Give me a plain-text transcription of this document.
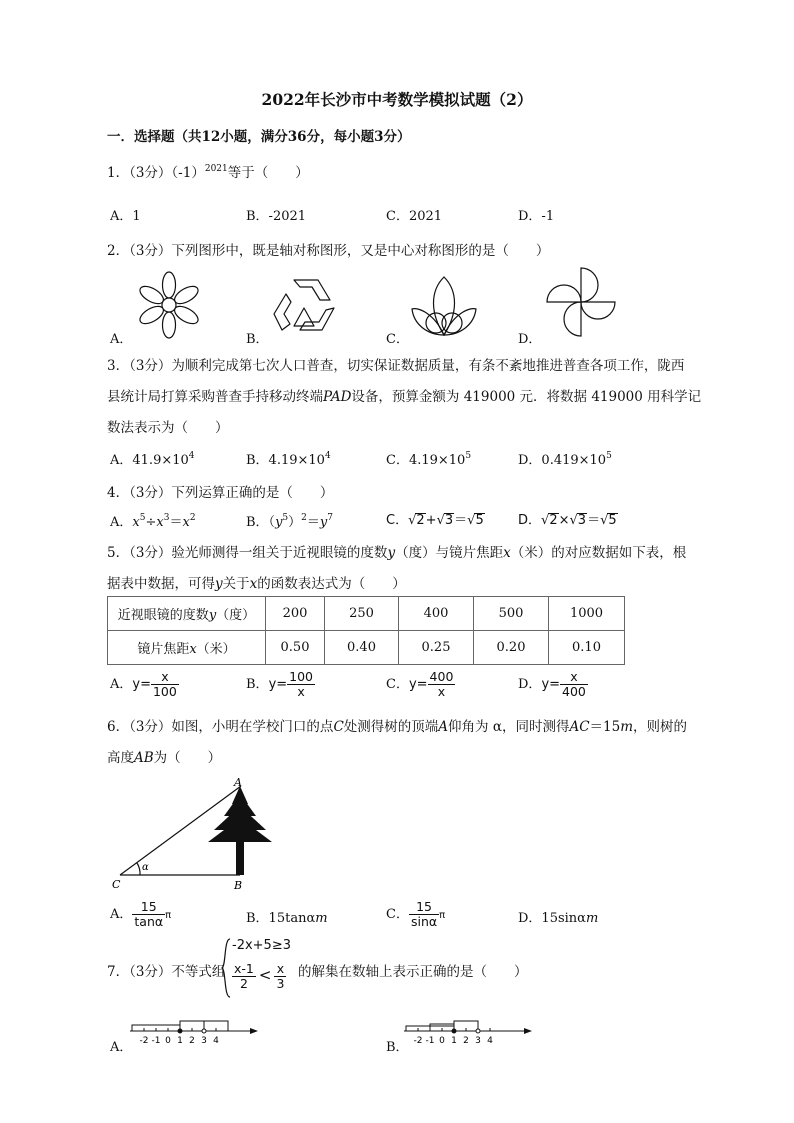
2022年长沙市中考数学模拟试题（2）
一．选择题（共12小题，满分36分，每小题3分）
1．（3分）$(-1)^{2021}$等于（　　）
A．1	B．-2021	C．2021	D．-1
2．（3分）下列图形中，既是轴对称图形，又是中心对称图形的是（　　）
A．	B．	C．	D．
3．（3分）为顺利完成第七次人口普查，切实保证数据质量，有条不紊地推进普查各项工作，陇西
县统计局打算采购普查手持移动终端PAD设备，预算金额为 419000 元．将数据 419000 用科学记
数法表示为（　　）
A．$41.9\times 10^4$	B．$4.19\times 10^4$	C．$4.19\times 10^5$	D．$0.419\times 10^5$
4．（3分）下列运算正确的是（　　）
A．$x^5\div x^3=x^2$	B．$(y^5)^2=y^7$	C．√2+√3＝√5	D．√2×√3＝√5
5．（3分）验光师测得一组关于近视眼镜的度数y（度）与镜片焦距x（米）的对应数据如下表，根
据表中数据，可得y关于x的函数表达式为（　　）
近视眼镜的度数y（度）	200	250	400	500	1000
镜片焦距x（米）	0.50	0.40	0.25	0.20	0.10
A．$y= \frac{x}{100}$	B．$y= \frac{100}{x}$	C．$y= \frac{400}{x}$	D．$y= \frac{x}{400}$
6．（3分）如图，小明在学校门口的点C处测得树的顶端A仰角为 α，同时测得AC＝15m，则树的
高度AB为（　　）
A
B
C
α
A． $\frac{15}{\tan\alpha}$ π	B．15tanαm	C． $\frac{15}{\sin\alpha}$ π	D．15sinαm
7．（3分）不等式组
-2x+5≥3
$\frac{x-1}{2} < \frac{x}{3}$ 的解集在数轴上表示正确的是（　　）
A．	B．
-2 -1 0 1 2 3 4	-2 -1 0 1 2 3 4
